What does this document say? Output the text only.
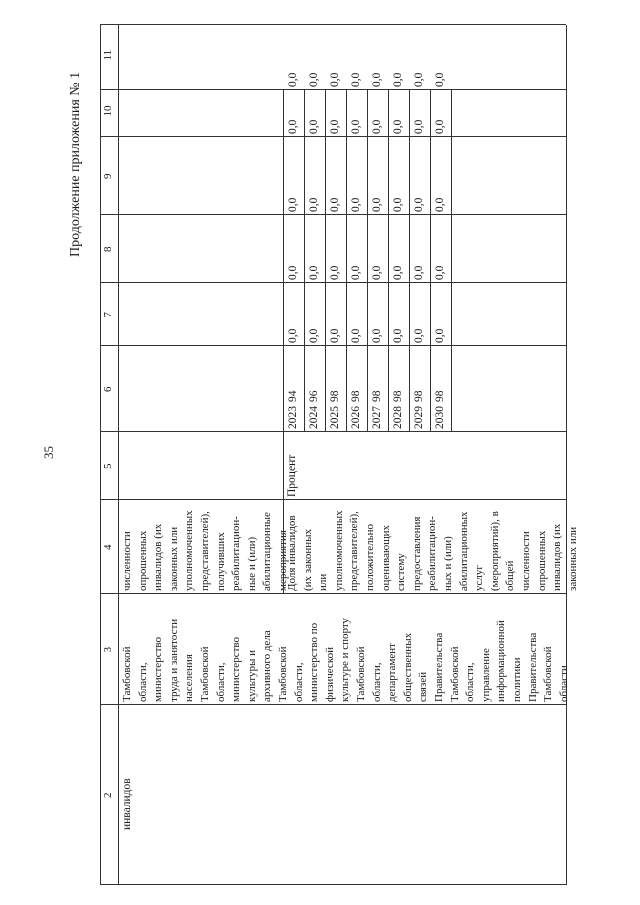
35
Продолжение приложения № 1
2
3
4
5
6
7
8
9
10
11
инвалидов
Тамбовской области, министерство труда и занятости населения Тамбовской области, министерство культуры и архивного дела Тамбовской области, министерство по физической культуре и спорту Тамбовской области, департамент общественных связей Правительства Тамбовской области, управление информационной политики Правительства Тамбовской области
численности опрошенных инвалидов (их законных или уполномоченных представителей), получивших реабилитацион- ные и (или) абилитационные мероприятия
Доля инвалидов (их законных или уполномоченных представителей), положительно оценивающих систему предоставления реабилитацион- ных и (или) абилитационных услуг (мероприятий), в общей численности опрошенных инвалидов (их законных или
Процент
2023
94
0,0
0,0
0,0
0,0
0,0
2024
96
0,0
0,0
0,0
0,0
0,0
2025
98
0,0
0,0
0,0
0,0
0,0
2026
98
0,0
0,0
0,0
0,0
0,0
2027
98
0,0
0,0
0,0
0,0
0,0
2028
98
0,0
0,0
0,0
0,0
0,0
2029
98
0,0
0,0
0,0
0,0
0,0
2030
98
0,0
0,0
0,0
0,0
0,0
